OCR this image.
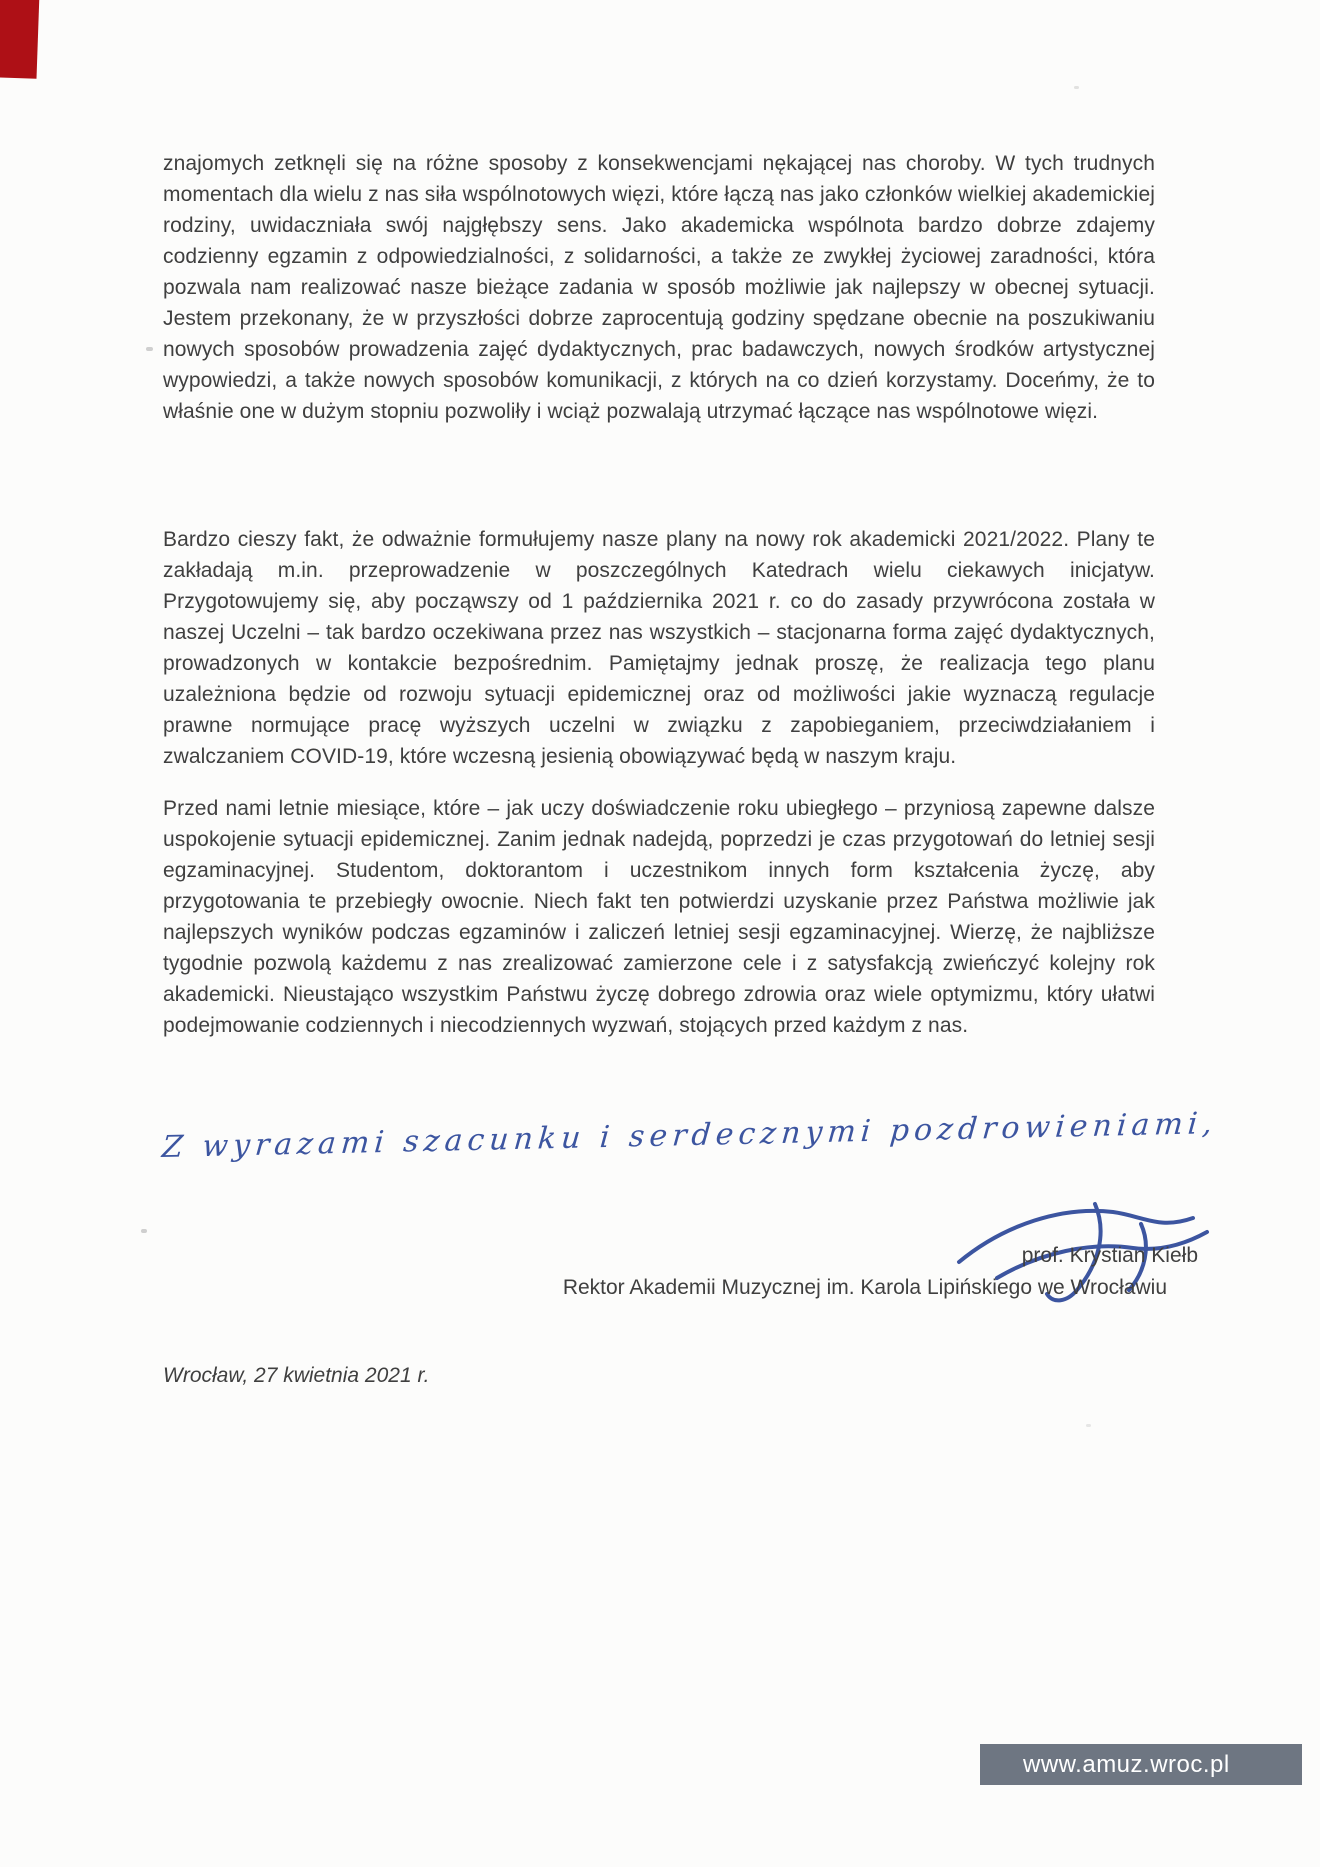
znajomych zetknęli się na różne sposoby z konsekwencjami nękającej nas choroby. W tych trudnych momentach dla wielu z nas siła wspólnotowych więzi, które łączą nas jako członków wielkiej akademickiej rodziny, uwidaczniała swój najgłębszy sens. Jako akademicka wspólnota bardzo dobrze zdajemy codzienny egzamin z odpowiedzialności, z solidarności, a także ze zwykłej życiowej zaradności, która pozwala nam realizować nasze bieżące zadania w sposób możliwie jak najlepszy w obecnej sytuacji. Jestem przekonany, że w przyszłości dobrze zaprocentują godziny spędzane obecnie na poszukiwaniu nowych sposobów prowadzenia zajęć dydaktycznych, prac badawczych, nowych środków artystycznej wypowiedzi, a także nowych sposobów komunikacji, z których na co dzień korzystamy. Doceńmy, że to właśnie one w dużym stopniu pozwoliły i wciąż pozwalają utrzymać łączące nas wspólnotowe więzi.

Bardzo cieszy fakt, że odważnie formułujemy nasze plany na nowy rok akademicki 2021/2022. Plany te zakładają m.in. przeprowadzenie w poszczególnych Katedrach wielu ciekawych inicjatyw. Przygotowujemy się, aby począwszy od 1 października 2021 r. co do zasady przywrócona została w naszej Uczelni – tak bardzo oczekiwana przez nas wszystkich – stacjonarna forma zajęć dydaktycznych, prowadzonych w kontakcie bezpośrednim. Pamiętajmy jednak proszę, że realizacja tego planu uzależniona będzie od rozwoju sytuacji epidemicznej oraz od możliwości jakie wyznaczą regulacje prawne normujące pracę wyższych uczelni w związku z zapobieganiem, przeciwdziałaniem i zwalczaniem COVID-19, które wczesną jesienią obowiązywać będą w naszym kraju.

Przed nami letnie miesiące, które – jak uczy doświadczenie roku ubiegłego – przyniosą zapewne dalsze uspokojenie sytuacji epidemicznej. Zanim jednak nadejdą, poprzedzi je czas przygotowań do letniej sesji egzaminacyjnej. Studentom, doktorantom i uczestnikom innych form kształcenia życzę, aby przygotowania te przebiegły owocnie. Niech fakt ten potwierdzi uzyskanie przez Państwa możliwie jak najlepszych wyników podczas egzaminów i zaliczeń letniej sesji egzaminacyjnej. Wierzę, że najbliższe tygodnie pozwolą każdemu z nas zrealizować zamierzone cele i z satysfakcją zwieńczyć kolejny rok akademicki. Nieustająco wszystkim Państwu życzę dobrego zdrowia oraz wiele optymizmu, który ułatwi podejmowanie codziennych i niecodziennych wyzwań, stojących przed każdym z nas.

Z wyrazami szacunku i serdecznymi pozdrowieniami,
prof. Krystian Kiełb
Rektor Akademii Muzycznej im. Karola Lipińskiego we Wrocławiu
Wrocław, 27 kwietnia 2021 r.
www.amuz.wroc.pl
